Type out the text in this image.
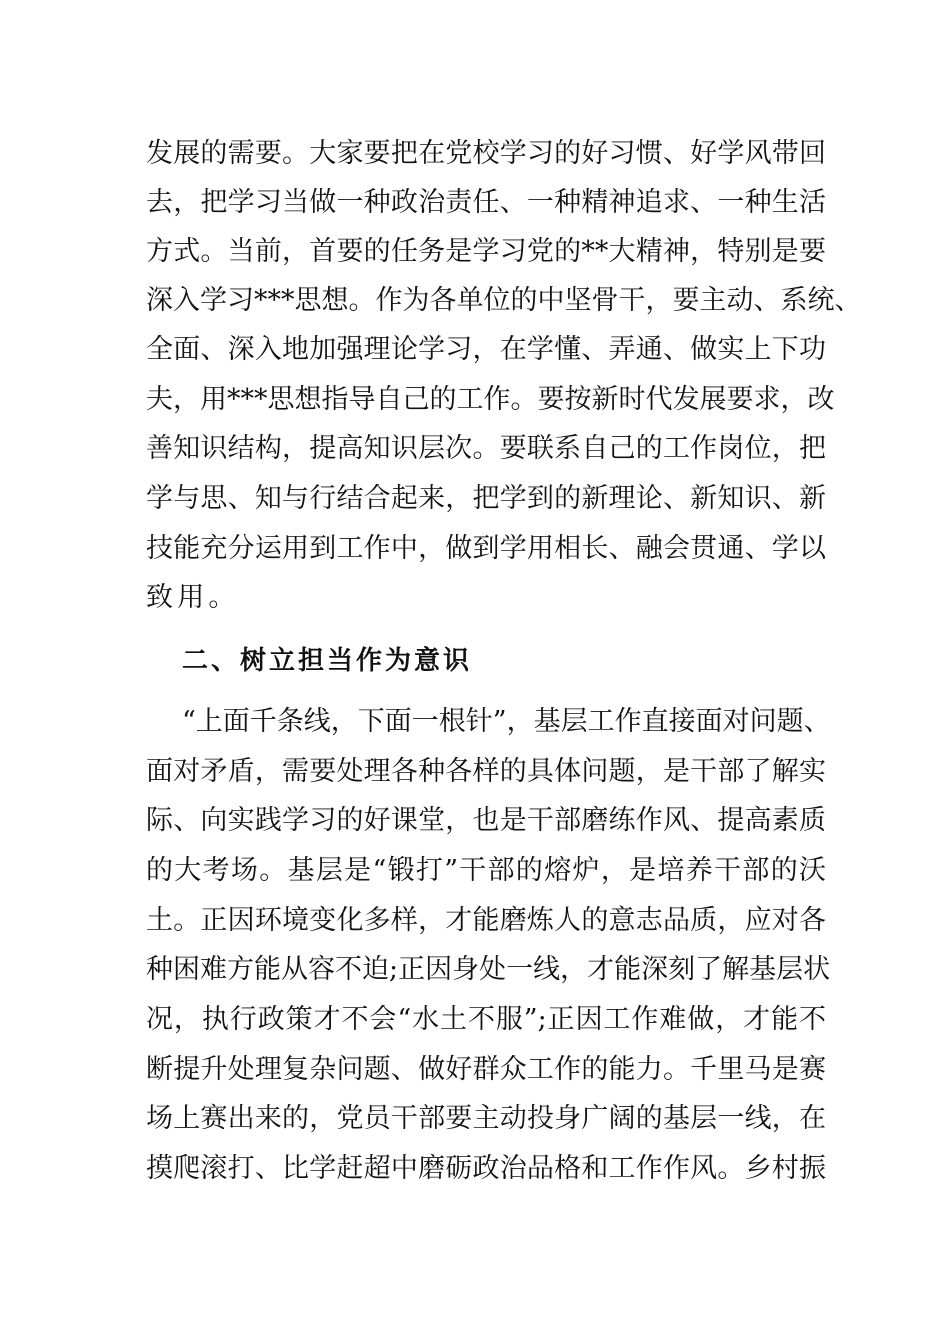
发展的需要。大家要把在党校学习的好习惯、好学风带回
去，把学习当做一种政治责任、一种精神追求、一种生活
方式。当前，首要的任务是学习党的**大精神，特别是要
深入学习***思想。作为各单位的中坚骨干，要主动、系统、
全面、深入地加强理论学习，在学懂、弄通、做实上下功
夫，用***思想指导自己的工作。要按新时代发展要求，改
善知识结构，提高知识层次。要联系自己的工作岗位，把
学与思、知与行结合起来，把学到的新理论、新知识、新
技能充分运用到工作中，做到学用相长、融会贯通、学以
致用。
二、树立担当作为意识
“上面千条线，下面一根针”，基层工作直接面对问题、
面对矛盾，需要处理各种各样的具体问题，是干部了解实
际、向实践学习的好课堂，也是干部磨练作风、提高素质
的大考场。基层是“锻打”干部的熔炉，是培养干部的沃
土。正因环境变化多样，才能磨炼人的意志品质，应对各
种困难方能从容不迫;正因身处一线，才能深刻了解基层状
况，执行政策才不会“水土不服”;正因工作难做，才能不
断提升处理复杂问题、做好群众工作的能力。千里马是赛
场上赛出来的，党员干部要主动投身广阔的基层一线，在
摸爬滚打、比学赶超中磨砺政治品格和工作作风。乡村振
